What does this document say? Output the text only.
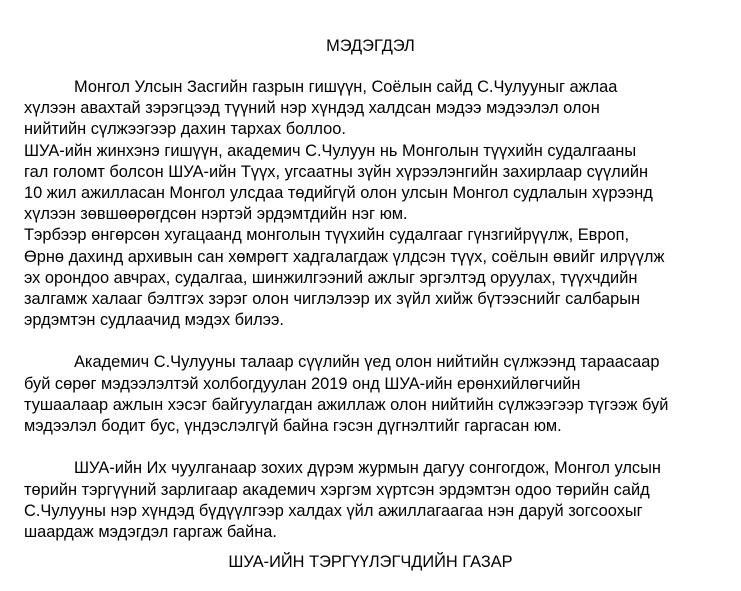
МЭДЭГДЭЛ
Монгол Улсын Засгийн газрын гишүүн, Соёлын сайд С.Чулууныг ажлаа
хүлээн авахтай зэрэгцээд түүний нэр хүндэд халдсан мэдээ мэдээлэл олон
нийтийн сүлжээгээр дахин тархах боллоо.
ШУА-ийн жинхэнэ гишүүн, академич С.Чулуун нь Монголын түүхийн судалгааны
гал голомт болсон ШУА-ийн Түүх, угсаатны зүйн хүрээлэнгийн захирлаар сүүлийн
10 жил ажилласан Монгол улсдаа төдийгүй олон улсын Монгол судлалын хүрээнд
хүлээн зөвшөөрөгдсөн нэртэй эрдэмтдийн нэг юм.
Тэрбээр өнгөрсөн хугацаанд монголын түүхийн судалгааг гүнзгийрүүлж, Европ,
Өрнө дахинд архивын сан хөмрөгт хадгалагдаж үлдсэн түүх, соёлын өвийг илрүүлж
эх орондоо авчрах, судалгаа, шинжилгээний ажлыг эргэлтэд оруулах, түүхчдийн
залгамж халааг бэлтгэх зэрэг олон чиглэлээр их зүйл хийж бүтээснийг салбарын
эрдэмтэн судлаачид мэдэх билээ.
Академич С.Чулууны талаар сүүлийн үед олон нийтийн сүлжээнд тараасаар
буй сөрөг мэдээлэлтэй холбогдуулан 2019 онд ШУА-ийн ерөнхийлөгчийн
тушаалаар ажлын хэсэг байгуулагдан ажиллаж олон нийтийн сүлжээгээр түгээж буй
мэдээлэл бодит бус, үндэслэлгүй байна гэсэн дүгнэлтийг гаргасан юм.
ШУА-ийн Их чуулганаар зохих дүрэм журмын дагуу сонгогдож, Монгол улсын
төрийн тэргүүний зарлигаар академич хэргэм хүртсэн эрдэмтэн одоо төрийн сайд
С.Чулууны нэр хүндэд бүдүүлгээр халдах үйл ажиллагаагаа нэн даруй зогсоохыг
шаардаж мэдэгдэл гаргаж байна.
ШУА-ИЙН ТЭРГҮҮЛЭГЧДИЙН ГАЗАР
